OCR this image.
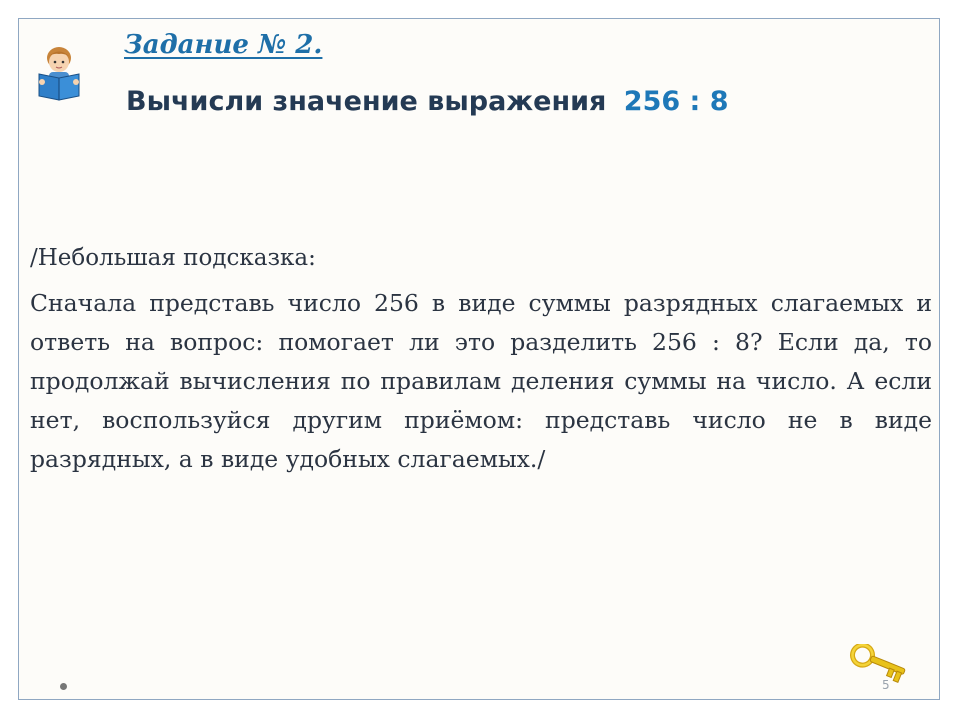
Задание № 2.
Вычисли значение выражения 256 : 8
/Небольшая подсказка:
Сначала представь число 256 в виде суммы разрядных слагаемых и ответь на вопрос: помогает ли это разделить 256 : 8? Если да, то продолжай вычисления по правилам деления суммы на число. А если нет, воспользуйся другим приёмом: представь число не в виде разрядных, а в виде удобных слагаемых./
5
